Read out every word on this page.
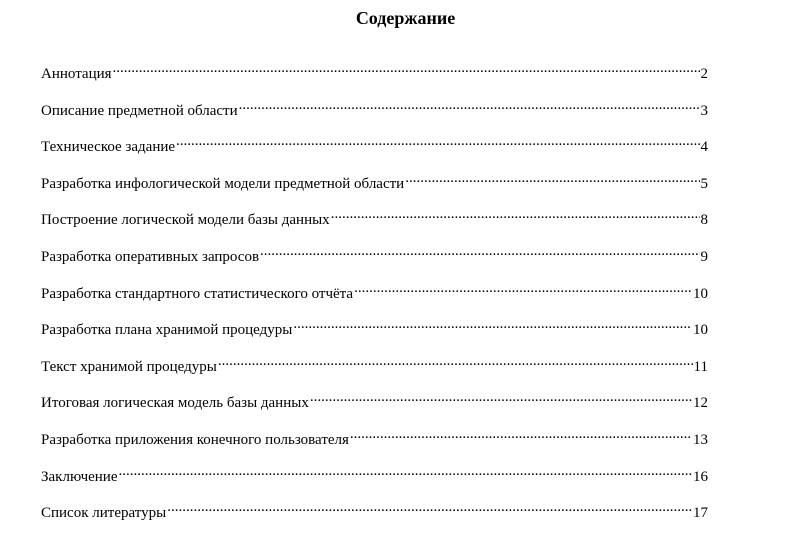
Содержание
Аннотация .....	2
Описание предметной области .....	3
Техническое задание .....	4
Разработка инфологической модели предметной области .....	5
Построение логической модели базы данных .....	8
Разработка оперативных запросов .....	9
Разработка стандартного статистического отчёта .....	10
Разработка плана хранимой процедуры .....	10
Текст хранимой процедуры .....	11
Итоговая логическая модель базы данных .....	12
Разработка приложения конечного пользователя .....	13
Заключение .....	16
Список литературы .....	17
